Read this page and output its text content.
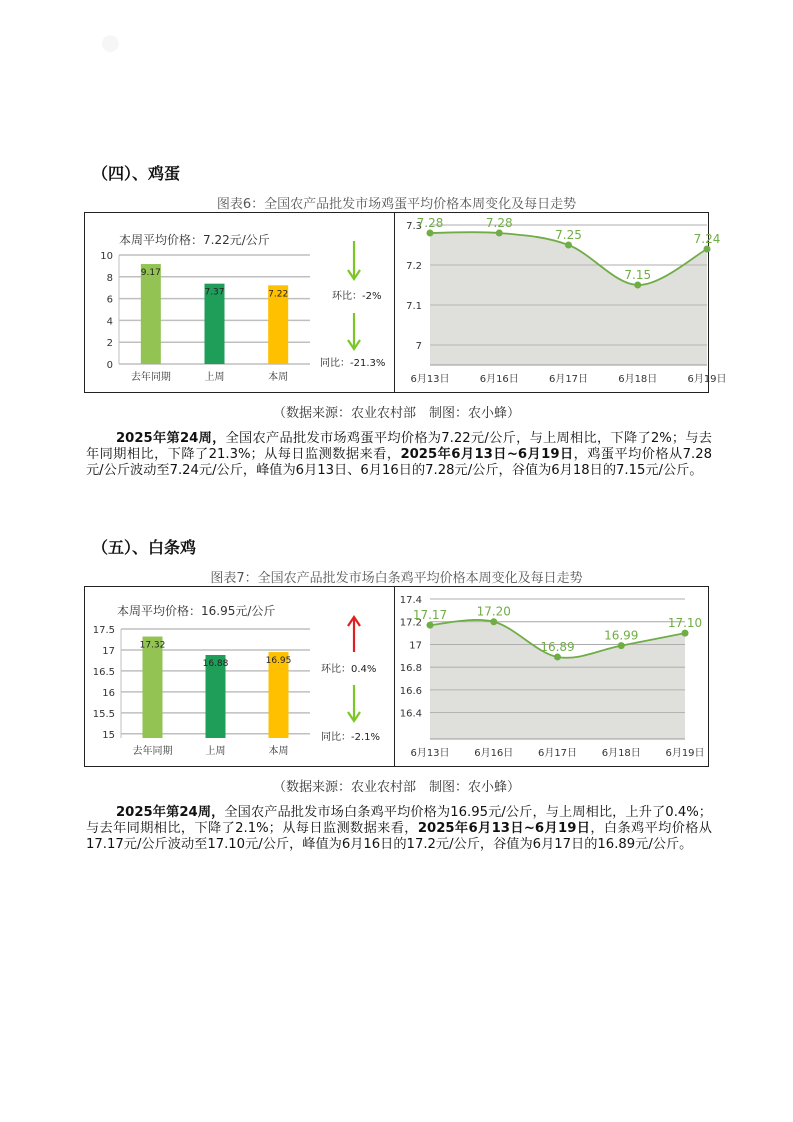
●
（四）、鸡蛋
图表6：全国农产品批发市场鸡蛋平均价格本周变化及每日走势
本周平均价格：7.22元/公斤
环比：-2%
同比：-21.3%
0
2
4
6
8
10
9.17
去年同期
7.37
上周
7.22
本周
7
7.1
7.2
7.3
7.28
6月13日
7.28
6月16日
7.25
6月17日
7.15
6月18日
7.24
6月19日
（数据来源：农业农村部　制图：农小蜂）
2025年第24周，全国农产品批发市场鸡蛋平均价格为7.22元/公斤，与上周相比，下降了2%；与去年同期相比，下降了21.3%；从每日监测数据来看，2025年6月13日~6月19日，鸡蛋平均价格从7.28元/公斤波动至7.24元/公斤，峰值为6月13日、6月16日的7.28元/公斤，谷值为6月18日的7.15元/公斤。
（五）、白条鸡
图表7：全国农产品批发市场白条鸡平均价格本周变化及每日走势
本周平均价格：16.95元/公斤
环比：0.4%
同比：-2.1%
15
15.5
16
16.5
17
17.5
17.32
去年同期
16.88
上周
16.95
本周
16.4
16.6
16.8
17
17.2
17.4
17.17
6月13日
17.20
6月16日
16.89
6月17日
16.99
6月18日
17.10
6月19日
（数据来源：农业农村部　制图：农小蜂）
2025年第24周，全国农产品批发市场白条鸡平均价格为16.95元/公斤，与上周相比，上升了0.4%；与去年同期相比，下降了2.1%；从每日监测数据来看，2025年6月13日~6月19日，白条鸡平均价格从17.17元/公斤波动至17.10元/公斤，峰值为6月16日的17.2元/公斤，谷值为6月17日的16.89元/公斤。
